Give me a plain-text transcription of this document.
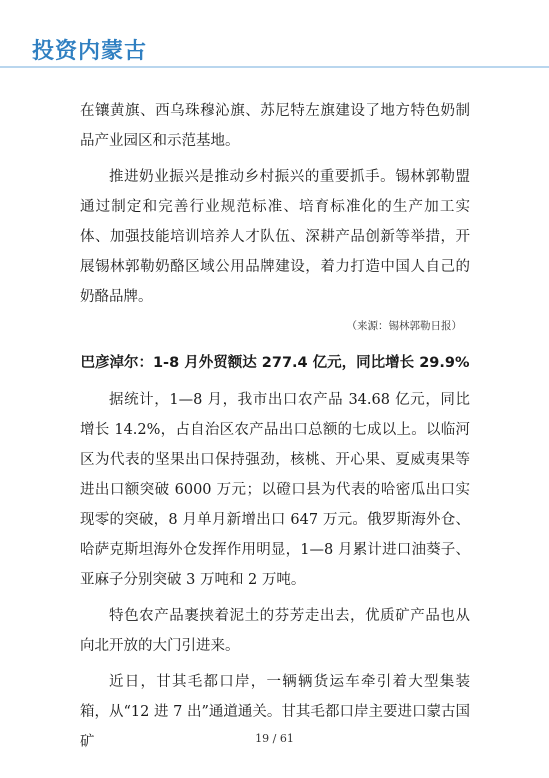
投资内蒙古

在镶黄旗、西乌珠穆沁旗、苏尼特左旗建设了地方特色奶制品产业园区和示范基地。

推进奶业振兴是推动乡村振兴的重要抓手。锡林郭勒盟通过制定和完善行业规范标准、培育标准化的生产加工实体、加强技能培训培养人才队伍、深耕产品创新等举措，开展锡林郭勒奶酪区域公用品牌建设，着力打造中国人自己的奶酪品牌。

（来源：锡林郭勒日报）
巴彦淖尔：1-8 月外贸额达 277.4 亿元，同比增长 29.9%

据统计，1—8 月，我市出口农产品 34.68 亿元，同比增长 14.2%，占自治区农产品出口总额的七成以上。以临河区为代表的坚果出口保持强劲，核桃、开心果、夏威夷果等进出口额突破 6000 万元；以磴口县为代表的哈密瓜出口实现零的突破，8 月单月新增出口 647 万元。俄罗斯海外仓、哈萨克斯坦海外仓发挥作用明显，1—8 月累计进口油葵子、亚麻子分别突破 3 万吨和 2 万吨。

特色农产品裹挟着泥土的芬芳走出去，优质矿产品也从向北开放的大门引进来。

近日，甘其毛都口岸，一辆辆货运车牵引着大型集装箱，从“12 进 7 出”通道通关。甘其毛都口岸主要进口蒙古国矿	19 / 61
